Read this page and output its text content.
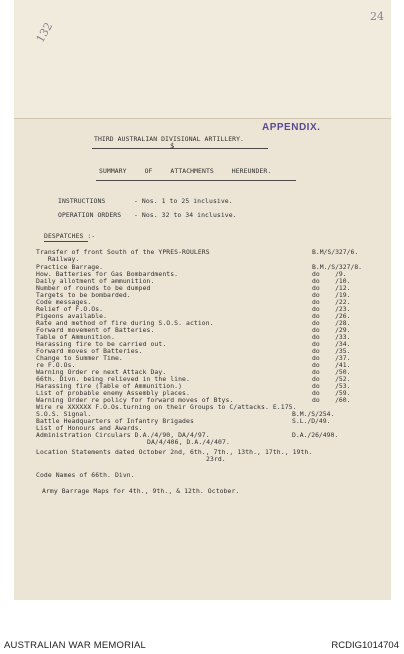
132
24
APPENDIX.
THIRD AUSTRALIAN DIVISIONAL ARTILLERY.
$
SUMMARY OF ATTACHMENTS HEREUNDER.
INSTRUCTIONS	- Nos. 1 to 25 inclusive.
OPERATION ORDERS - Nos. 32 to 34 inclusive.
DESPATCHES :-
Transfer of front South of the YPRES-ROULERS	B.M/S/327/6.
Railway.
Practice Barrage.	B.M./S/327/8.
How. Batteries for Gas Bombardments.	do    /9.
Daily allotment of ammunition.	do    /10.
Number of rounds to be dumped	do    /12.
Targets to be bombarded.	do    /19.
Code messages.	do    /22.
Relief of F.O.Os.	do    /23.
Pigeons available.	do    /26.
Rate and method of fire during S.O.S. action.	do    /28.
Forward movement of Batteries.	do    /29.
Table of Ammunition.	do    /33.
Harassing fire to be carried out.	do    /34.
Forward moves of Batteries.	do    /35.
Change to Summer Time.	do    /37.
re F.O.Os.	do    /41.
Warning Order re next Attack Day.	do    /50.
66th. Divn. being relieved in the line.	do    /52.
Harassing fire (Table of Ammunition.)	do    /53.
List of probable enemy Assembly places.	do    /59.
Warning Order re policy for forward moves of Btys.	do    /60.
Wire re XXXXXX F.O.Os.turning on their Groups to C/attacks. E.175.
S.O.S. Signal.	B.M./S/254.
Battle Headquarters of Infantry Brigades	S.L./D/49.
List of Honours and Awards.
Administration Circulars D.A./4/90, DA/4/97.	D.A./26/490.
DA/4/406, D.A./4/407.
Location Statements dated October 2nd, 6th., 7th., 13th., 17th., 19th.
23rd.
Code Names of 66th. Divn.
Army Barrage Maps for 4th., 9th., & 12th. October.
AUSTRALIAN WAR MEMORIAL	RCDIG1014704
